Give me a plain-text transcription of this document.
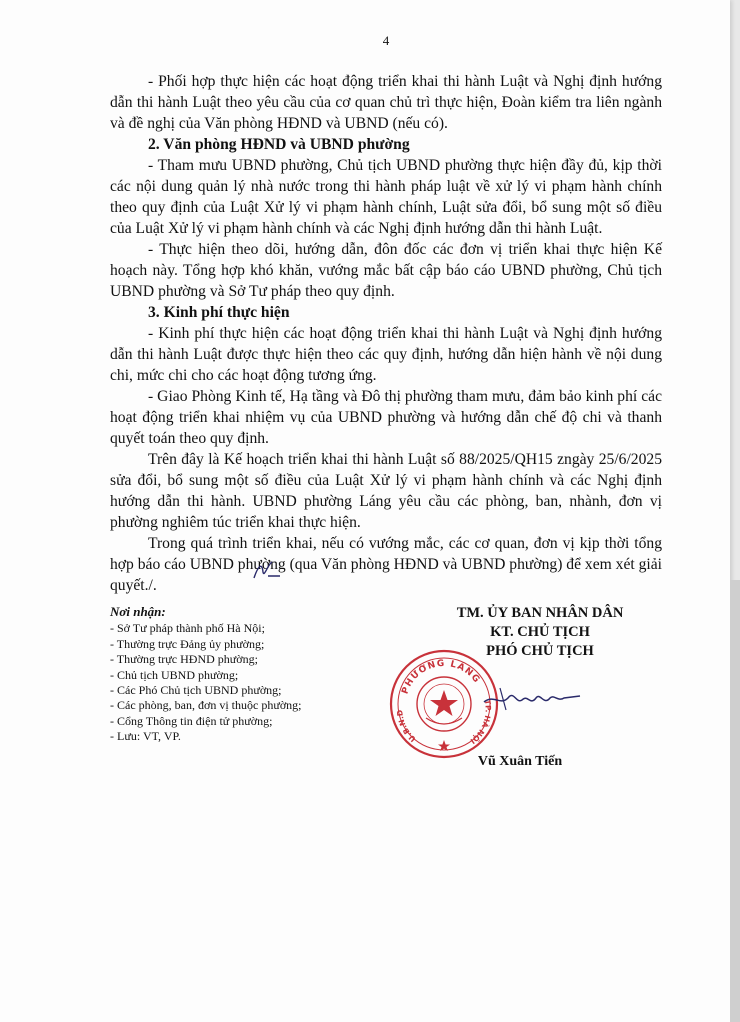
4

- Phối hợp thực hiện các hoạt động triển khai thi hành Luật và Nghị định hướng dẫn thi hành Luật theo yêu cầu của cơ quan chủ trì thực hiện, Đoàn kiểm tra liên ngành và đề nghị của Văn phòng HĐND và UBND (nếu có).

2. Văn phòng HĐND và UBND phường

- Tham mưu UBND phường, Chủ tịch UBND phường thực hiện đầy đủ, kịp thời các nội dung quản lý nhà nước trong thi hành pháp luật về xử lý vi phạm hành chính theo quy định của Luật Xử lý vi phạm hành chính, Luật sửa đổi, bổ sung một số điều của Luật Xử lý vi phạm hành chính và các Nghị định hướng dẫn thi hành Luật.

- Thực hiện theo dõi, hướng dẫn, đôn đốc các đơn vị triển khai thực hiện Kế hoạch này. Tổng hợp khó khăn, vướng mắc bất cập báo cáo UBND phường, Chủ tịch UBND phường và Sở Tư pháp theo quy định.

3. Kinh phí thực hiện

- Kinh phí thực hiện các hoạt động triển khai thi hành Luật và Nghị định hướng dẫn thi hành Luật được thực hiện theo các quy định, hướng dẫn hiện hành về nội dung chi, mức chi cho các hoạt động tương ứng.

- Giao Phòng Kinh tế, Hạ tầng và Đô thị phường tham mưu, đảm bảo kinh phí các hoạt động triển khai nhiệm vụ của UBND phường và hướng dẫn chế độ chi và thanh quyết toán theo quy định.

Trên đây là Kế hoạch triển khai thi hành Luật số 88/2025/QH15 zngày 25/6/2025 sửa đổi, bổ sung một số điều của Luật Xử lý vi phạm hành chính và các Nghị định hướng dẫn thi hành. UBND phường Láng yêu cầu các phòng, ban, nhành, đơn vị phường nghiêm túc triển khai thực hiện.

Trong quá trình triển khai, nếu có vướng mắc, các cơ quan, đơn vị kịp thời tổng hợp báo cáo UBND phường (qua Văn phòng HĐND và UBND phường) để xem xét giải quyết./.

Nơi nhận:
- Sở Tư pháp thành phố Hà Nội;
- Thường trực Đảng ủy phường;
- Thường trực HĐND phường;
- Chủ tịch UBND phường;
- Các Phó Chủ tịch UBND phường;
- Các phòng, ban, đơn vị thuộc phường;
- Cổng Thông tin điện tử phường;
- Lưu: VT, VP.
TM. ỦY BAN NHÂN DÂN
KT. CHỦ TỊCH
PHÓ CHỦ TỊCH
PHƯỜNG LÁNG
U.B.N.D
TP. HÀ NỘI
Vũ Xuân Tiến
